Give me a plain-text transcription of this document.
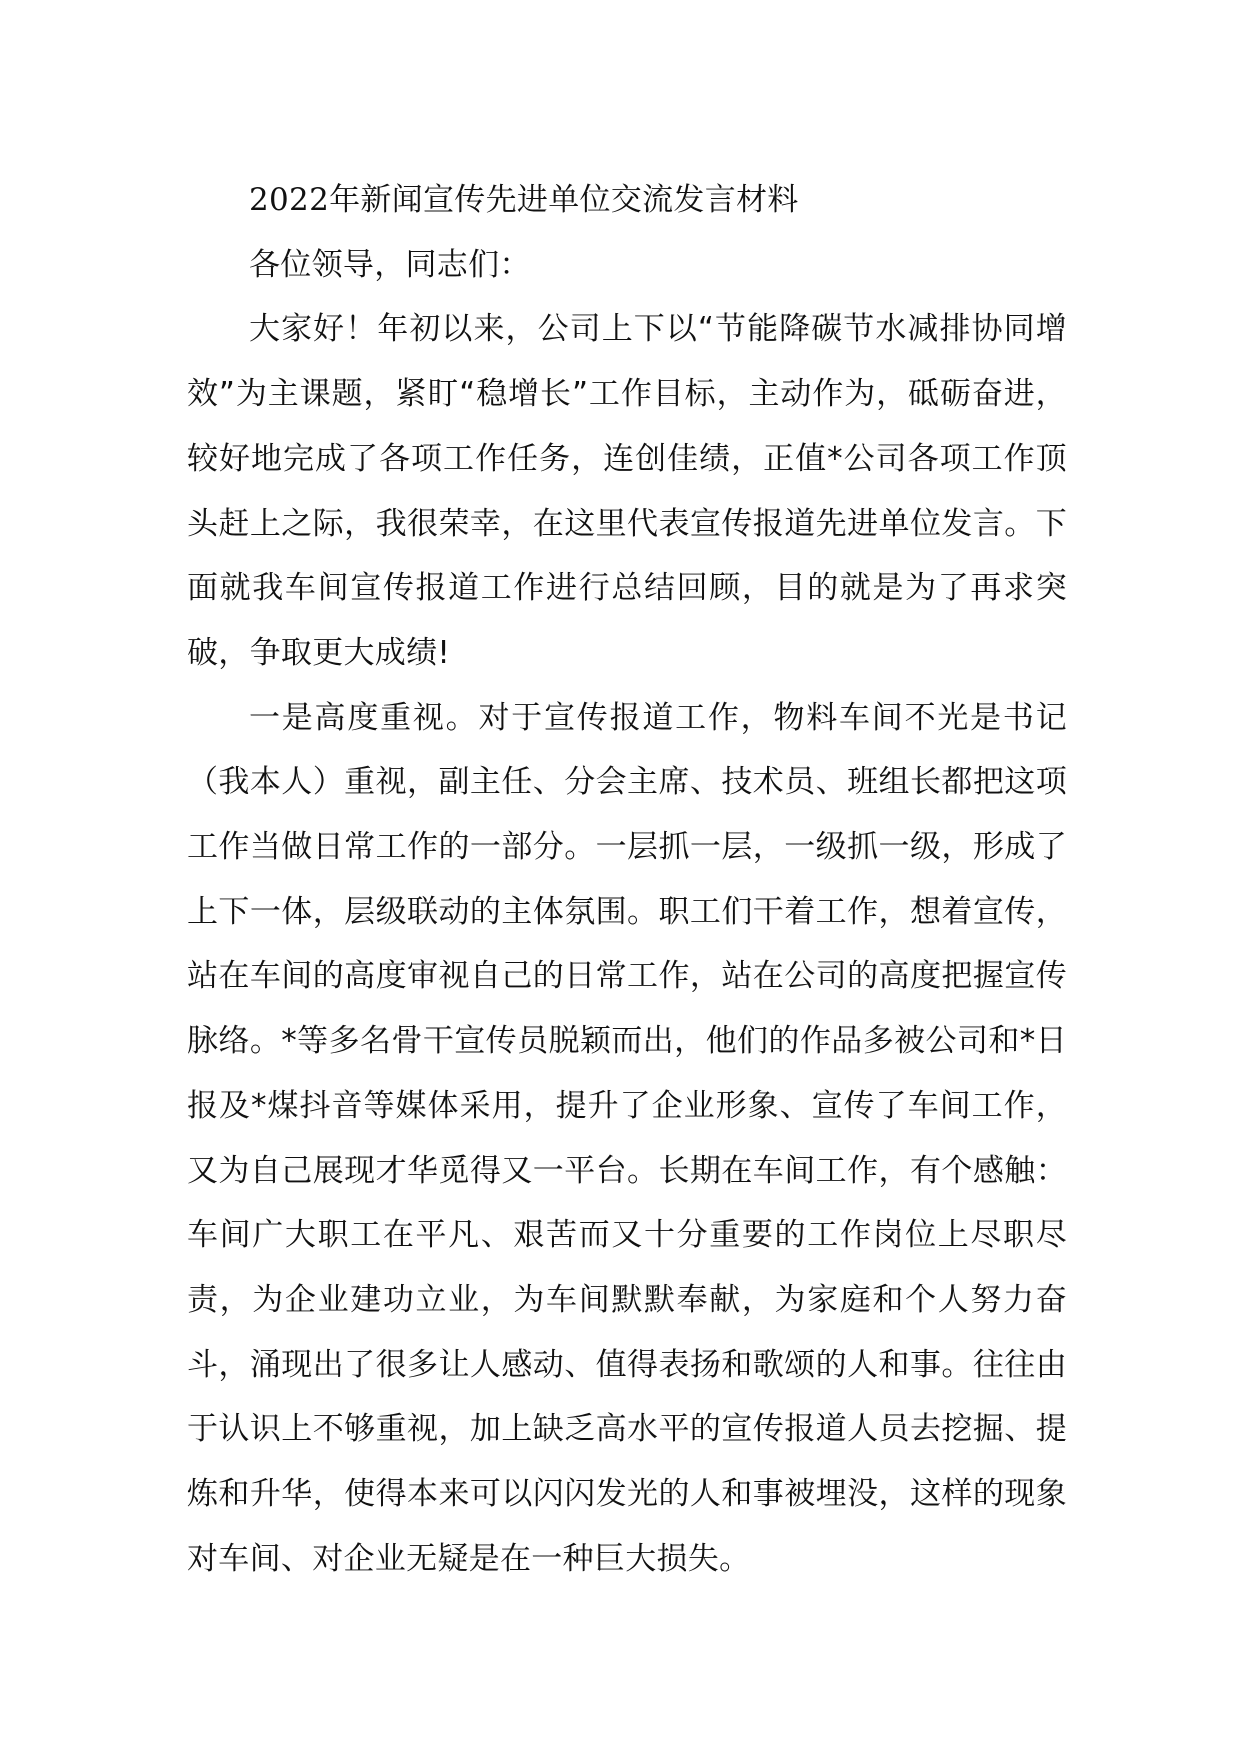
2022年新闻宣传先进单位交流发言材料

各位领导，同志们：

大家好！年初以来，公司上下以“节能降碳节水减排协同增效”为主课题，紧盯“稳增长”工作目标，主动作为，砥砺奋进，较好地完成了各项工作任务，连创佳绩，正值*公司各项工作顶头赶上之际，我很荣幸，在这里代表宣传报道先进单位发言。下面就我车间宣传报道工作进行总结回顾，目的就是为了再求突破，争取更大成绩!

一是高度重视。对于宣传报道工作，物料车间不光是书记（我本人）重视，副主任、分会主席、技术员、班组长都把这项工作当做日常工作的一部分。一层抓一层，一级抓一级，形成了上下一体，层级联动的主体氛围。职工们干着工作，想着宣传，站在车间的高度审视自己的日常工作，站在公司的高度把握宣传脉络。*等多名骨干宣传员脱颖而出，他们的作品多被公司和*日报及*煤抖音等媒体采用，提升了企业形象、宣传了车间工作，又为自己展现才华觅得又一平台。长期在车间工作，有个感触：车间广大职工在平凡、艰苦而又十分重要的工作岗位上尽职尽责，为企业建功立业，为车间默默奉献，为家庭和个人努力奋斗，涌现出了很多让人感动、值得表扬和歌颂的人和事。往往由于认识上不够重视，加上缺乏高水平的宣传报道人员去挖掘、提炼和升华，使得本来可以闪闪发光的人和事被埋没，这样的现象对车间、对企业无疑是在一种巨大损失。
